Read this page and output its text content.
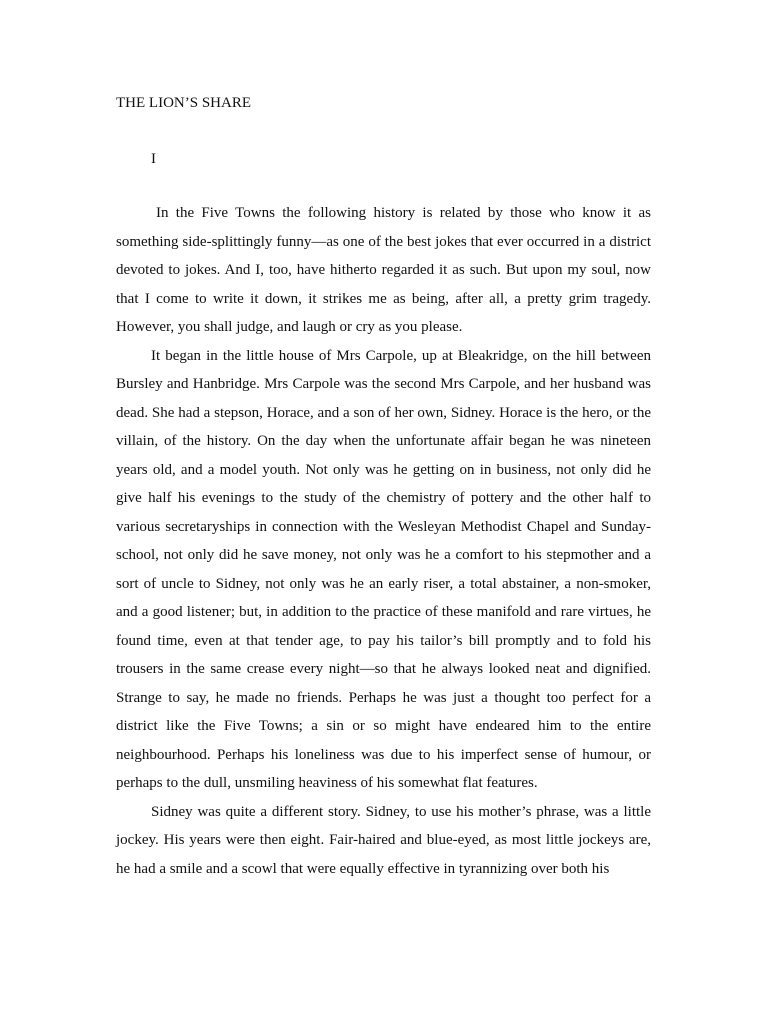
THE LION’S SHARE
I

In the Five Towns the following history is related by those who know it as something side-splittingly funny—as one of the best jokes that ever occurred in a district devoted to jokes. And I, too, have hitherto regarded it as such. But upon my soul, now that I come to write it down, it strikes me as being, after all, a pretty grim tragedy. However, you shall judge, and laugh or cry as you please.

It began in the little house of Mrs Carpole, up at Bleakridge, on the hill between Bursley and Hanbridge. Mrs Carpole was the second Mrs Carpole, and her husband was dead. She had a stepson, Horace, and a son of her own, Sidney. Horace is the hero, or the villain, of the history. On the day when the unfortunate affair began he was nineteen years old, and a model youth. Not only was he getting on in business, not only did he give half his evenings to the study of the chemistry of pottery and the other half to various secretaryships in connection with the Wesleyan Methodist Chapel and Sunday-school, not only did he save money, not only was he a comfort to his stepmother and a sort of uncle to Sidney, not only was he an early riser, a total abstainer, a non-smoker, and a good listener; but, in addition to the practice of these manifold and rare virtues, he found time, even at that tender age, to pay his tailor’s bill promptly and to fold his trousers in the same crease every night—so that he always looked neat and dignified. Strange to say, he made no friends. Perhaps he was just a thought too perfect for a district like the Five Towns; a sin or so might have endeared him to the entire neighbourhood. Perhaps his loneliness was due to his imperfect sense of humour, or perhaps to the dull, unsmiling heaviness of his somewhat flat features.

Sidney was quite a different story. Sidney, to use his mother’s phrase, was a little jockey. His years were then eight. Fair-haired and blue-eyed, as most little jockeys are, he had a smile and a scowl that were equally effective in tyrannizing over both his
